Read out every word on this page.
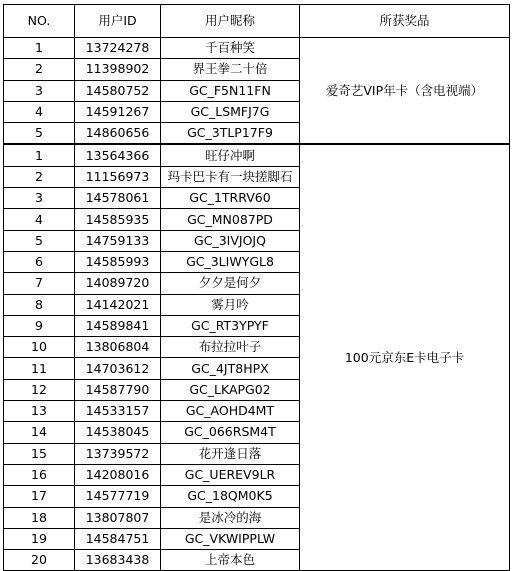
NO.	用户ID	用户昵称	所获奖品
1	13724278	千百种笑	爱奇艺VIP年卡（含电视端）
2	11398902	界王拳二十倍	
3	14580752	GC_F5N11FN	
4	14591267	GC_LSMFJ7G	
5	14860656	GC_3TLP17F9	
1	13564366	旺仔冲啊	100元京东E卡电子卡
2	11156973	玛卡巴卡有一块搓脚石	
3	14578061	GC_1TRRV60	
4	14585935	GC_MN087PD	
5	14759133	GC_3IVJOJQ	
6	14585993	GC_3LIWYGL8	
7	14089720	夕夕是何夕	
8	14142021	雾月吟	
9	14589841	GC_RT3YPYF	
10	13806804	布拉拉叶子	
11	14703612	GC_4JT8HPX	
12	14587790	GC_LKAPG02	
13	14533157	GC_AOHD4MT	
14	14538045	GC_066RSM4T	
15	13739572	花开逢日落	
16	14208016	GC_UEREV9LR	
17	14577719	GC_18QM0K5	
18	13807807	是冰冷的海	
19	14584751	GC_VKWIPPLW	
20	13683438	上帝本色	
